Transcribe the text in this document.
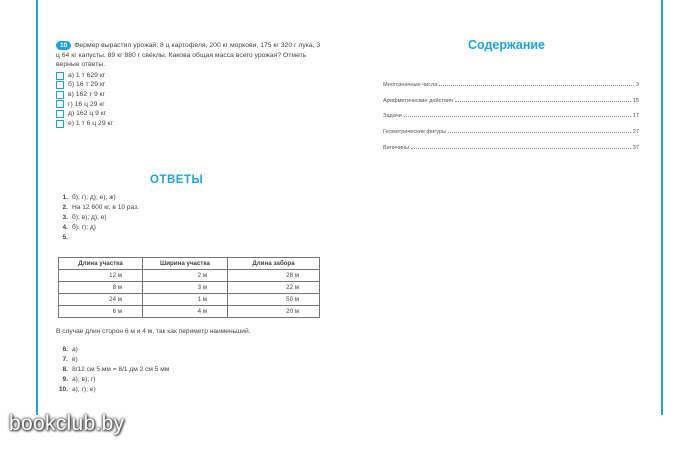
10 Фермер вырастил урожай: 8 ц картофеля, 200 кг моркови, 175 кг 320 г лука, 3 ц 64 кг капусты, 89 кг 880 г свёклы. Какова общая масса всего урожая? Отметь верные ответы.
а) 1 т 629 кг
б) 16 т 29 кг
в) 162 т 9 кг
г) 16 ц 29 кг
д) 162 ц 9 кг
е) 1 т 6 ц 29 кг
ОТВЕТЫ
1. б); г); д); е); ж)
2. На 12 600 кг, в 10 раз.
3. б); в); д); е)
4. б); г); д)
5.
Длина участка	Ширина участка	Длина забора
12 м	2 м	28 м
8 м	3 м	22 м
24 м	1 м	50 м
6 м	4 м	20 м
В случае длин сторон 6 м и 4 м, так как периметр наименьший.
6. а)
7. в)
8. 8/12 см 5 мм = 8/1 дм 2 см 5 мм
9. а); в); г)
10. а); г); е)
Содержание
Многозначные числа	3
Арифметические действия	15
Задачи	17
Геометрические фигуры	27
Величины	37
bookclub.by
